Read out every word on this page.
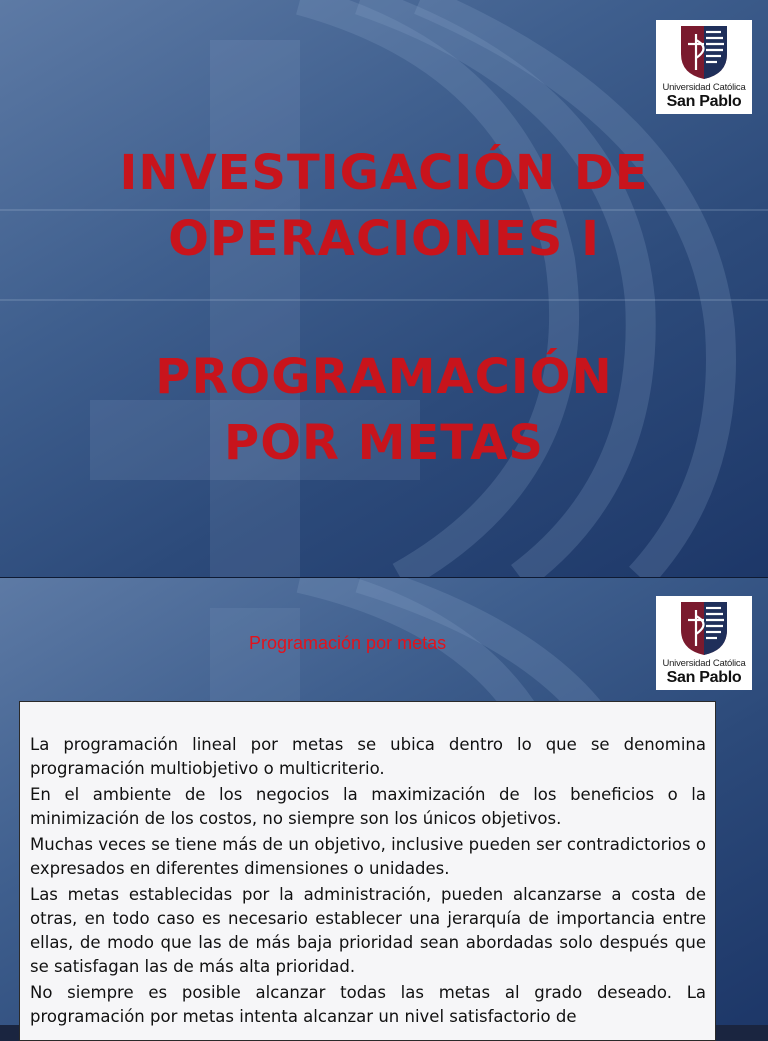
Universidad Católica
San Pablo
INVESTIGACIÓN DE
OPERACIONES I
PROGRAMACIÓN
POR METAS
Universidad Católica
San Pablo
Programación por metas

La programación lineal por metas se ubica dentro lo que se denomina programación multiobjetivo o multicriterio.

En el ambiente de los negocios la maximización de los beneficios o la minimización de los costos, no siempre son los únicos objetivos.

Muchas veces se tiene más de un objetivo, inclusive pueden ser contradictorios o expresados en diferentes dimensiones o unidades.

Las metas establecidas por la administración, pueden alcanzarse a costa de otras, en todo caso es necesario establecer una jerarquía de importancia entre ellas, de modo que las de más baja prioridad sean abordadas solo después que se satisfagan las de más alta prioridad.

No siempre es posible alcanzar todas las metas al grado deseado. La programación por metas intenta alcanzar un nivel satisfactorio de
